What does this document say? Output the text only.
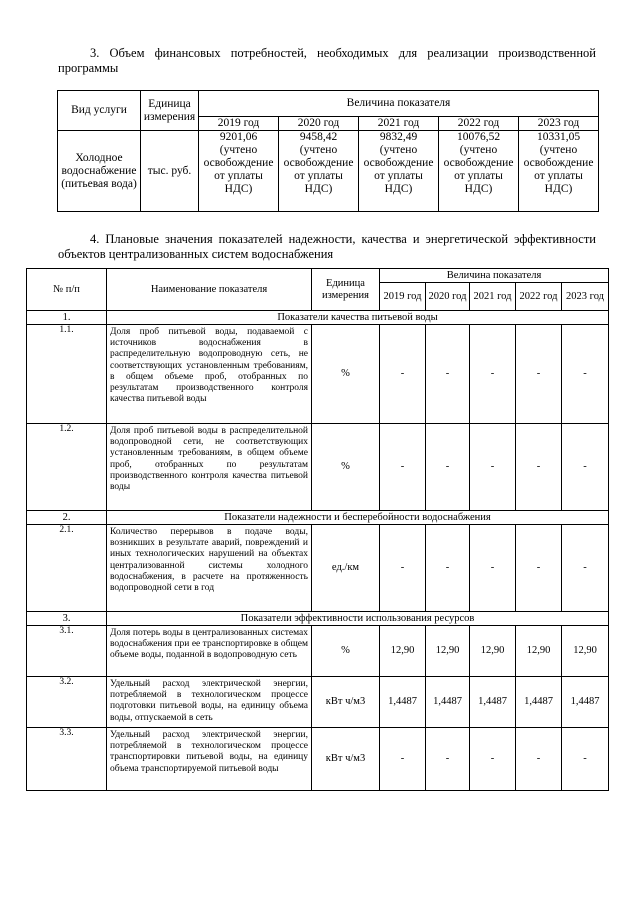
3. Объем финансовых потребностей, необходимых для реализации производственной программы

Вид услуги	Единица измерения	Величина показателя				
		2019 год	2020 год	2021 год	2022 год	2023 год
Холодное водоснабжение (питьевая вода)	тыс. руб.	9201,06 (учтено освобождение от уплаты НДС)	9458,42 (учтено освобождение от уплаты НДС)	9832,49 (учтено освобождение от уплаты НДС)	10076,52 (учтено освобождение от уплаты НДС)	10331,05 (учтено освобождение от уплаты НДС)

4. Плановые значения показателей надежности, качества и энергетической эффективности объектов централизованных систем водоснабжения

№ п/п	Наименование показателя	Единица измерения	Величина показателя				
			2019 год	2020 год	2021 год	2022 год	2023 год
1.	Показатели качества питьевой воды						
1.1.	Доля проб питьевой воды, подаваемой с источников водоснабжения в распределительную водопроводную сеть, не соответствующих установленным требованиям, в общем объеме проб, отобранных по результатам производственного контроля качества питьевой воды	%	-	-	-	-	-
1.2.	Доля проб питьевой воды в распределительной водопроводной сети, не соответствующих установленным требованиям, в общем объеме проб, отобранных по результатам производственного контроля качества питьевой воды	%	-	-	-	-	-
2.	Показатели надежности и бесперебойности водоснабжения						
2.1.	Количество перерывов в подаче воды, возникших в результате аварий, повреждений и иных технологических нарушений на объектах централизованной системы холодного водоснабжения, в расчете на протяженность водопроводной сети в год	ед./км	-	-	-	-	-
3.	Показатели эффективности использования ресурсов						
3.1.	Доля потерь воды в централизованных системах водоснабжения при ее транспортировке в общем объеме воды, поданной в водопроводную сеть	%	12,90	12,90	12,90	12,90	12,90
3.2.	Удельный расход электрической энергии, потребляемой в технологическом процессе подготовки питьевой воды, на единицу объема воды, отпускаемой в сеть	кВт ч/м3	1,4487	1,4487	1,4487	1,4487	1,4487
3.3.	Удельный расход электрической энергии, потребляемой в технологическом процессе транспортировки питьевой воды, на единицу объема транспортируемой питьевой воды	кВт ч/м3	-	-	-	-	-
